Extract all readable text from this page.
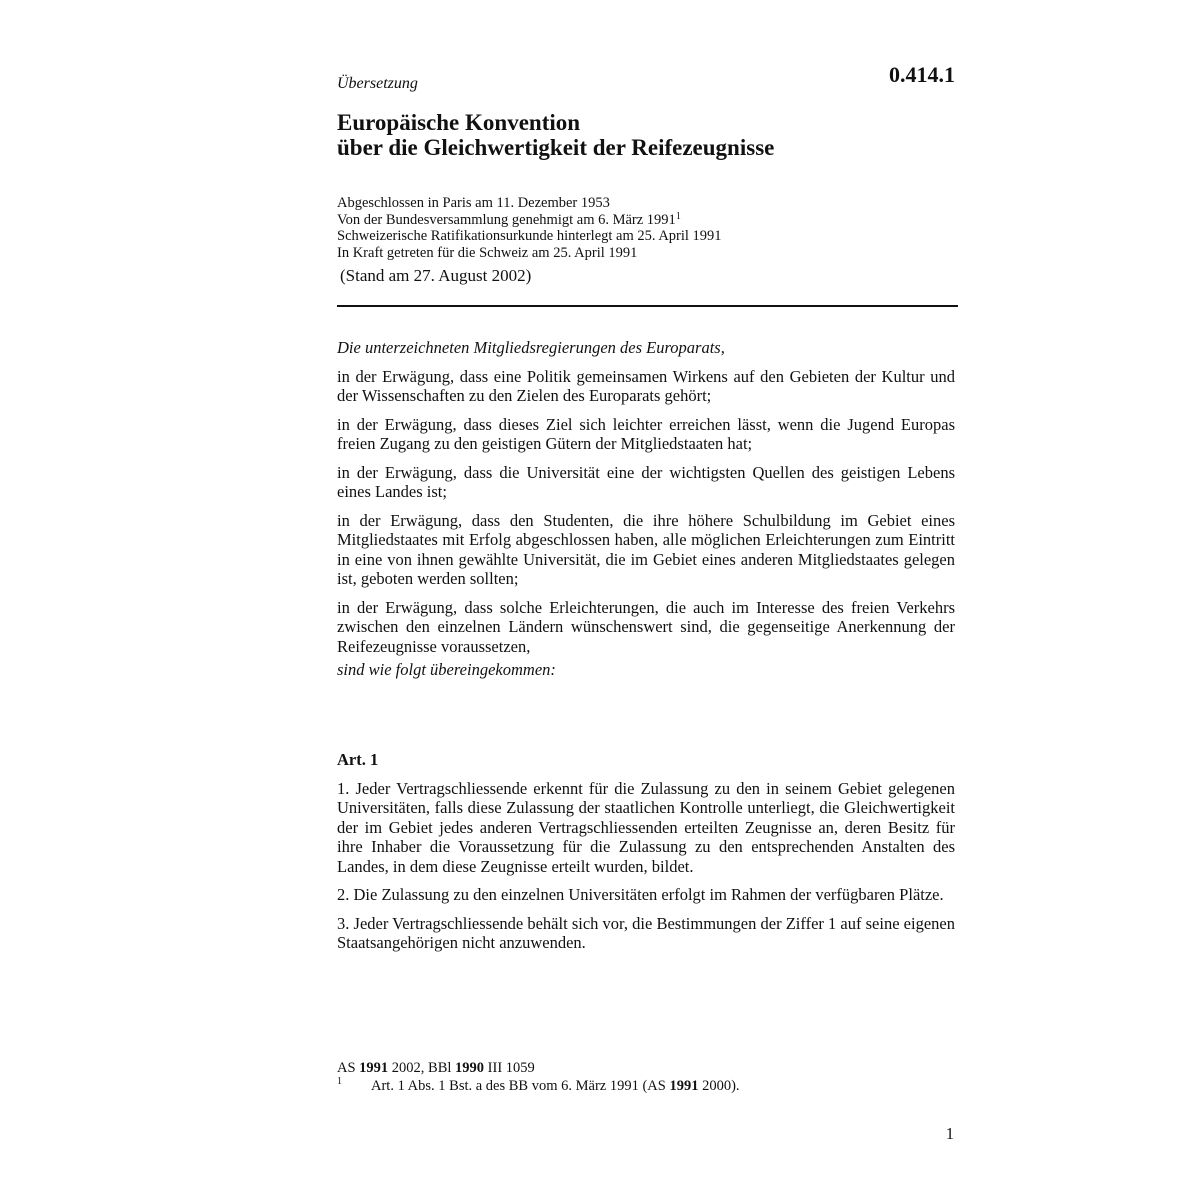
Übersetzung	0.414.1
Europäische Konvention
über die Gleichwertigkeit der Reifezeugnisse
Abgeschlossen in Paris am 11. Dezember 1953
Von der Bundesversammlung genehmigt am 6. März 1991$^1$
Schweizerische Ratifikationsurkunde hinterlegt am 25. April 1991
In Kraft getreten für die Schweiz am 25. April 1991
(Stand am 27. August 2002)

Die unterzeichneten Mitgliedsregierungen des Europarats,

in der Erwägung, dass eine Politik gemeinsamen Wirkens auf den Gebieten der Kultur und der Wissenschaften zu den Zielen des Europarats gehört;

in der Erwägung, dass dieses Ziel sich leichter erreichen lässt, wenn die Jugend Europas freien Zugang zu den geistigen Gütern der Mitgliedstaaten hat;

in der Erwägung, dass die Universität eine der wichtigsten Quellen des geistigen Lebens eines Landes ist;

in der Erwägung, dass den Studenten, die ihre höhere Schulbildung im Gebiet eines Mitgliedstaates mit Erfolg abgeschlossen haben, alle möglichen Erleichterungen zum Eintritt in eine von ihnen gewählte Universität, die im Gebiet eines anderen Mitgliedstaates gelegen ist, geboten werden sollten;

in der Erwägung, dass solche Erleichterungen, die auch im Interesse des freien Verkehrs zwischen den einzelnen Ländern wünschenswert sind, die gegenseitige Anerkennung der Reifezeugnisse voraussetzen,

sind wie folgt übereingekommen:

Art. 1

1. Jeder Vertragschliessende erkennt für die Zulassung zu den in seinem Gebiet gelegenen Universitäten, falls diese Zulassung der staatlichen Kontrolle unterliegt, die Gleichwertigkeit der im Gebiet jedes anderen Vertragschliessenden erteilten Zeugnisse an, deren Besitz für ihre Inhaber die Voraussetzung für die Zulassung zu den entsprechenden Anstalten des Landes, in dem diese Zeugnisse erteilt wurden, bildet.

2. Die Zulassung zu den einzelnen Universitäten erfolgt im Rahmen der verfügbaren Plätze.

3. Jeder Vertragschliessende behält sich vor, die Bestimmungen der Ziffer 1 auf seine eigenen Staatsangehörigen nicht anzuwenden.

AS 1991 2002, BBl 1990 III 1059
1 Art. 1 Abs. 1 Bst. a des BB vom 6. März 1991 (AS 1991 2000).
1
